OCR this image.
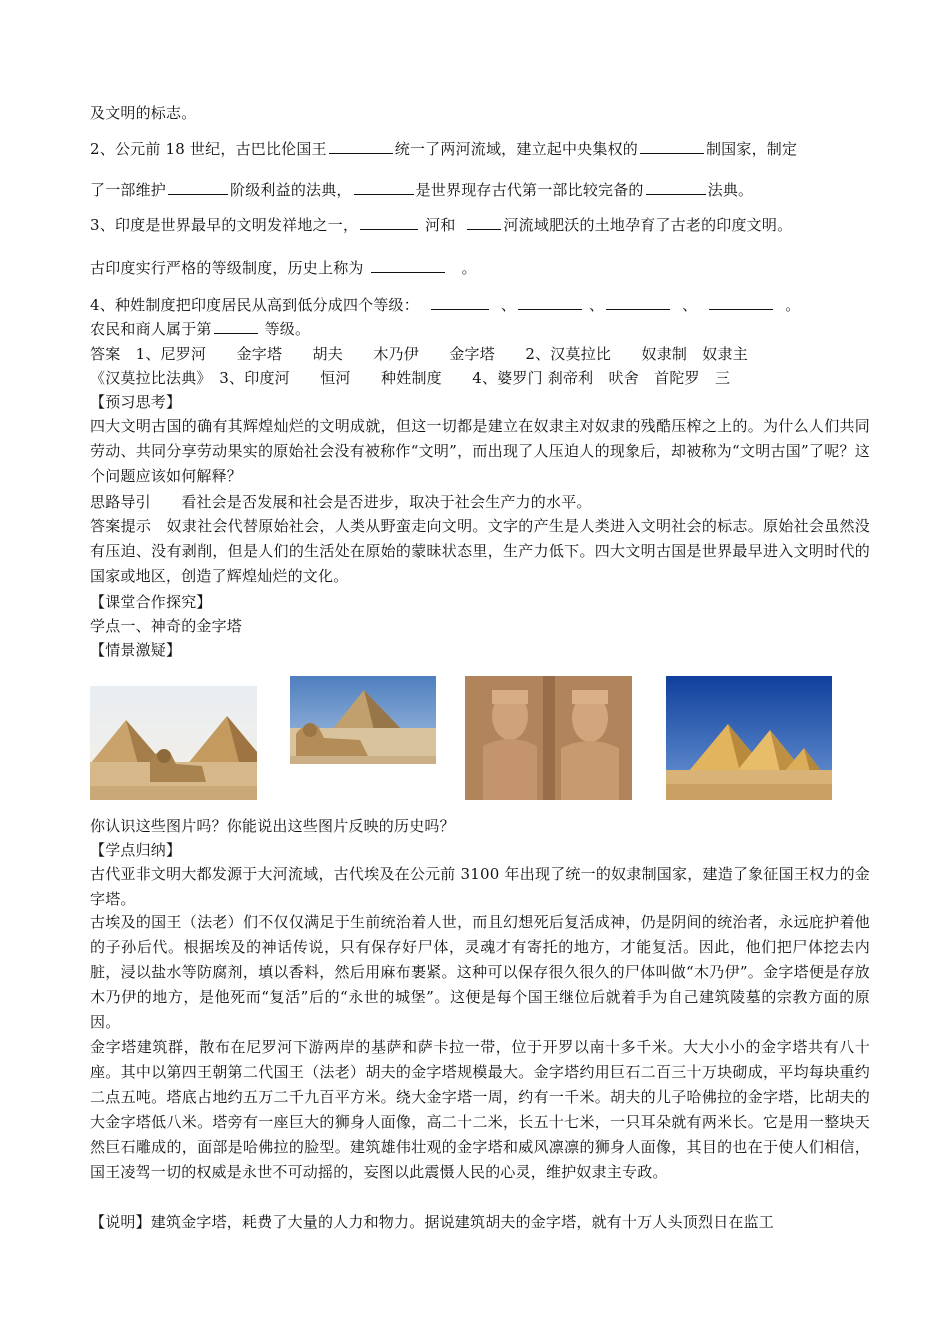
及文明的标志。
2、公元前 18 世纪，古巴比伦国王	统一了两河流域，建立起中央集权的	制国家，制定
了一部维护	阶级利益的法典，	是世界现存古代第一部比较完备的	法典。
3、印度是世界最早的文明发祥地之一，	河和	河流域肥沃的土地孕育了古老的印度文明。
古印度实行严格的等级制度，历史上称为	。
4、种姓制度把印度居民从高到低分成四个等级：	、	、	、	。
农民和商人属于第	等级。
答案　1、尼罗河　　金字塔　　胡夫　　木乃伊　　金字塔　　2、汉莫拉比　　奴隶制　奴隶主
《汉莫拉比法典》　3、印度河　　恒河　　种姓制度　　4、婆罗门 刹帝利　吠舍　首陀罗　三
【预习思考】
四大文明古国的确有其辉煌灿烂的文明成就，但这一切都是建立在奴隶主对奴隶的残酷压榨之上的。为什么人们共同劳动、共同分享劳动果实的原始社会没有被称作“文明”，而出现了人压迫人的现象后，却被称为“文明古国”了呢？这个问题应该如何解释？
思路导引　　看社会是否发展和社会是否进步，取决于社会生产力的水平。
答案提示　奴隶社会代替原始社会，人类从野蛮走向文明。文字的产生是人类进入文明社会的标志。原始社会虽然没有压迫、没有剥削，但是人们的生活处在原始的蒙昧状态里，生产力低下。四大文明古国是世界最早进入文明时代的国家或地区，创造了辉煌灿烂的文化。
【课堂合作探究】
学点一、神奇的金字塔
【情景激疑】
你认识这些图片吗？你能说出这些图片反映的历史吗？
【学点归纳】
古代亚非文明大都发源于大河流域，古代埃及在公元前 3100 年出现了统一的奴隶制国家，建造了象征国王权力的金字塔。
古埃及的国王（法老）们不仅仅满足于生前统治着人世，而且幻想死后复活成神，仍是阴间的统治者，永远庇护着他的子孙后代。根据埃及的神话传说，只有保存好尸体，灵魂才有寄托的地方，才能复活。因此，他们把尸体挖去内脏，浸以盐水等防腐剂，填以香料，然后用麻布裹紧。这种可以保存很久很久的尸体叫做“木乃伊”。金字塔便是存放木乃伊的地方，是他死而“复活”后的“永世的城堡”。这便是每个国王继位后就着手为自己建筑陵墓的宗教方面的原因。
金字塔建筑群，散布在尼罗河下游两岸的基萨和萨卡拉一带，位于开罗以南十多千米。大大小小的金字塔共有八十座。其中以第四王朝第二代国王（法老）胡夫的金字塔规模最大。金字塔约用巨石二百三十万块砌成，平均每块重约二点五吨。塔底占地约五万二千九百平方米。绕大金字塔一周，约有一千米。胡夫的儿子哈佛拉的金字塔，比胡夫的大金字塔低八米。塔旁有一座巨大的狮身人面像，高二十二米，长五十七米，一只耳朵就有两米长。它是用一整块天然巨石雕成的，面部是哈佛拉的脸型。建筑雄伟壮观的金字塔和威风凛凛的狮身人面像，其目的也在于使人们相信，国王凌驾一切的权威是永世不可动摇的，妄图以此震慑人民的心灵，维护奴隶主专政。
【说明】建筑金字塔，耗费了大量的人力和物力。据说建筑胡夫的金字塔，就有十万人头顶烈日在监工
